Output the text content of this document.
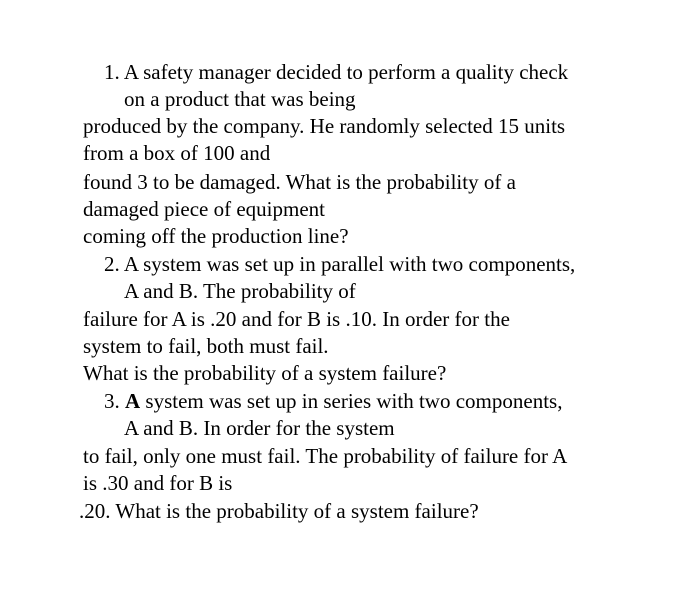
1. A safety manager decided to perform a quality check
on a product that was being
produced by the company. He randomly selected 15 units
from a box of 100 and
found 3 to be damaged. What is the probability of a
damaged piece of equipment
coming off the production line?
2. A system was set up in parallel with two components,
A and B. The probability of
failure for A is .20 and for B is .10. In order for the
system to fail, both must fail.
What is the probability of a system failure?
3. A system was set up in series with two components,
A and B. In order for the system
to fail, only one must fail. The probability of failure for A
is .30 and for B is
.20. What is the probability of a system failure?
